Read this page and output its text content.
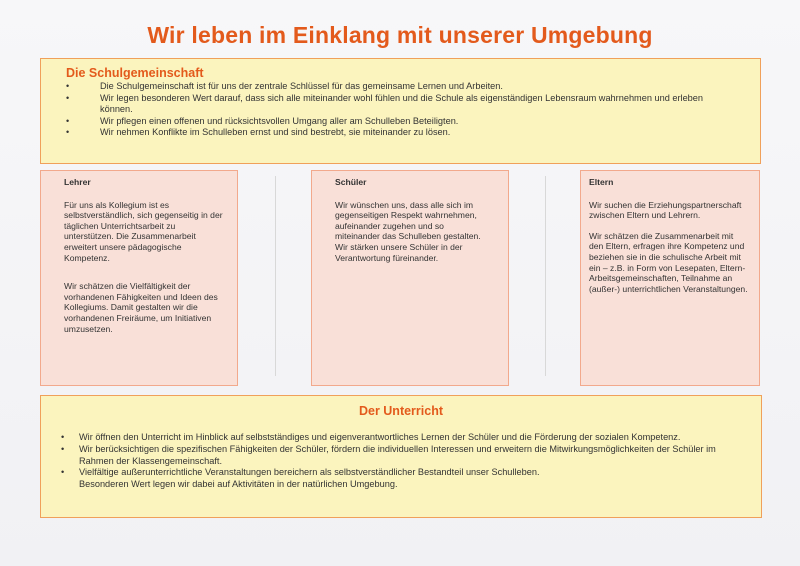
Wir leben im Einklang mit unserer Umgebung

Die Schulgemeinschaft

• Die Schulgemeinschaft ist für uns der zentrale Schlüssel für das gemeinsame Lernen und Arbeiten.
• Wir legen besonderen Wert darauf, dass sich alle miteinander wohl fühlen und die Schule als eigenständigen Lebensraum wahrnehmen und erleben können.
• Wir pflegen einen offenen und rücksichtsvollen Umgang aller am Schulleben Beteiligten.
• Wir nehmen Konflikte im Schulleben ernst und sind bestrebt, sie miteinander zu lösen.

Lehrer

Für uns als Kollegium ist es selbstverständlich, sich gegenseitig in der täglichen Unterrichtsarbeit zu unterstützen. Die Zusammenarbeit erweitert unsere pädagogische Kompetenz.

Wir schätzen die Vielfältigkeit der vorhandenen Fähigkeiten und Ideen des Kollegiums. Damit gestalten wir die vorhandenen Freiräume, um Initiativen umzusetzen.

Schüler

Wir wünschen uns, dass alle sich im gegenseitigen Respekt wahrnehmen, aufeinander zugehen und so miteinander das Schulleben gestalten. Wir stärken unsere Schüler in der Verantwortung füreinander.

Eltern

Wir suchen die Erziehungspartnerschaft zwischen Eltern und Lehrern.

Wir schätzen die Zusammenarbeit mit den Eltern, erfragen ihre Kompetenz und beziehen sie in die schulische Arbeit mit ein – z.B. in Form von Lesepaten, Eltern-Arbeitsgemeinschaften, Teilnahme an (außer-) unterrichtlichen Veranstaltungen.

Der Unterricht

• Wir öffnen den Unterricht im Hinblick auf selbstständiges und eigenverantwortliches Lernen der Schüler und die Förderung der sozialen Kompetenz.
• Wir berücksichtigen die spezifischen Fähigkeiten der Schüler, fördern die individuellen Interessen und erweitern die Mitwirkungsmöglichkeiten der Schüler im Rahmen der Klassengemeinschaft.
• Vielfältige außerunterrichtliche Veranstaltungen bereichern als selbstverständlicher Bestandteil unser Schulleben.
Besonderen Wert legen wir dabei auf Aktivitäten in der natürlichen Umgebung.
